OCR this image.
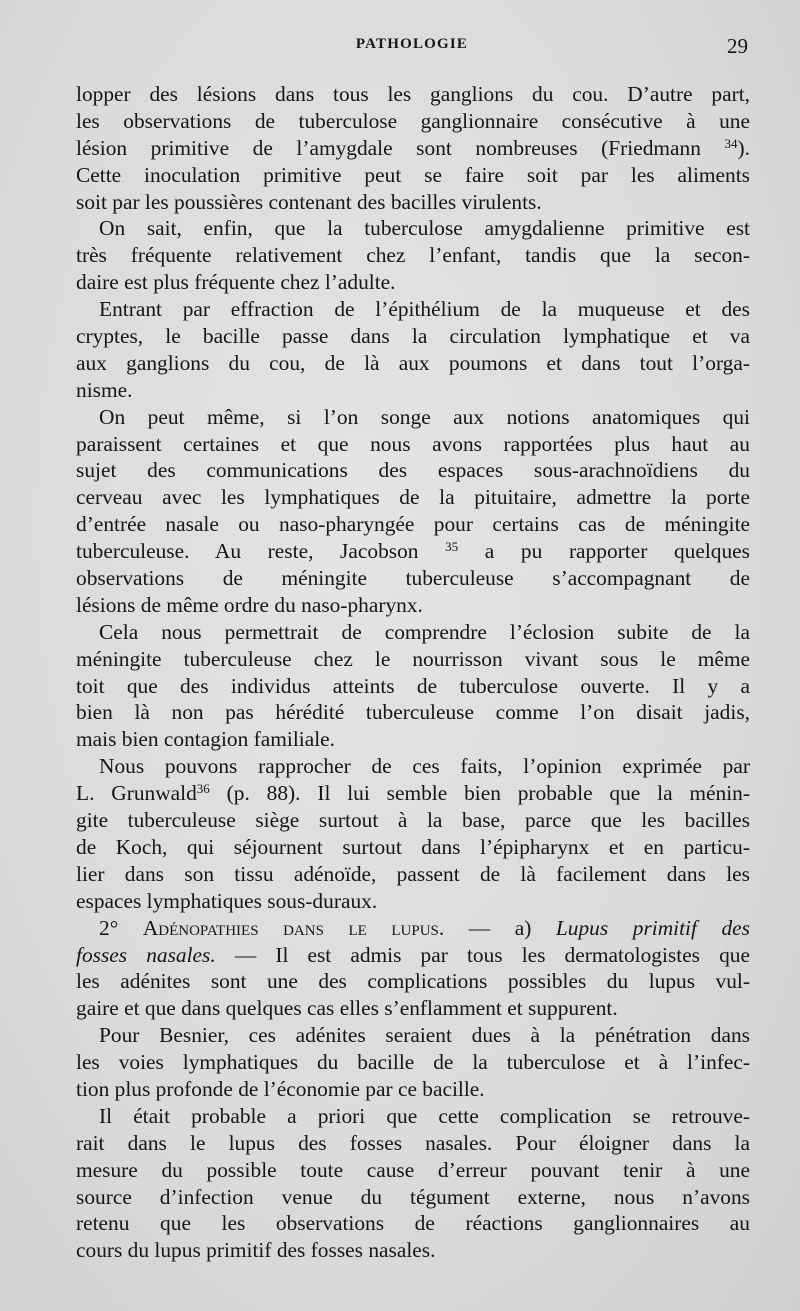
PATHOLOGIE	29
lopper des lésions dans tous les ganglions du cou. D’autre part,
les observations de tuberculose ganglionnaire consécutive à une
lésion primitive de l’amygdale sont nombreuses (Friedmann $^{34}$).
Cette inoculation primitive peut se faire soit par les aliments
soit par les poussières contenant des bacilles virulents.
On sait, enfin, que la tuberculose amygdalienne primitive est
très fréquente relativement chez l’enfant, tandis que la secon-
daire est plus fréquente chez l’adulte.
Entrant par effraction de l’épithélium de la muqueuse et des
cryptes, le bacille passe dans la circulation lymphatique et va
aux ganglions du cou, de là aux poumons et dans tout l’orga-
nisme.
On peut même, si l’on songe aux notions anatomiques qui
paraissent certaines et que nous avons rapportées plus haut au
sujet des communications des espaces sous-arachnoïdiens du
cerveau avec les lymphatiques de la pituitaire, admettre la porte
d’entrée nasale ou naso-pharyngée pour certains cas de méningite
tuberculeuse. Au reste, Jacobson $^{35}$ a pu rapporter quelques
observations de méningite tuberculeuse s’accompagnant de
lésions de même ordre du naso-pharynx.
Cela nous permettrait de comprendre l’éclosion subite de la
méningite tuberculeuse chez le nourrisson vivant sous le même
toit que des individus atteints de tuberculose ouverte. Il y a
bien là non pas hérédité tuberculeuse comme l’on disait jadis,
mais bien contagion familiale.
Nous pouvons rapprocher de ces faits, l’opinion exprimée par
L. Grunwald$^{36}$ (p. 88). Il lui semble bien probable que la ménin-
gite tuberculeuse siège surtout à la base, parce que les bacilles
de Koch, qui séjournent surtout dans l’épipharynx et en particu-
lier dans son tissu adénoïde, passent de là facilement dans les
espaces lymphatiques sous-duraux.
2° Adénopathies dans le lupus. — a) Lupus primitif des
fosses nasales. — Il est admis par tous les dermatologistes que
les adénites sont une des complications possibles du lupus vul-
gaire et que dans quelques cas elles s’enflamment et suppurent.
Pour Besnier, ces adénites seraient dues à la pénétration dans
les voies lymphatiques du bacille de la tuberculose et à l’infec-
tion plus profonde de l’économie par ce bacille.
Il était probable a priori que cette complication se retrouve-
rait dans le lupus des fosses nasales. Pour éloigner dans la
mesure du possible toute cause d’erreur pouvant tenir à une
source d’infection venue du tégument externe, nous n’avons
retenu que les observations de réactions ganglionnaires au
cours du lupus primitif des fosses nasales.
